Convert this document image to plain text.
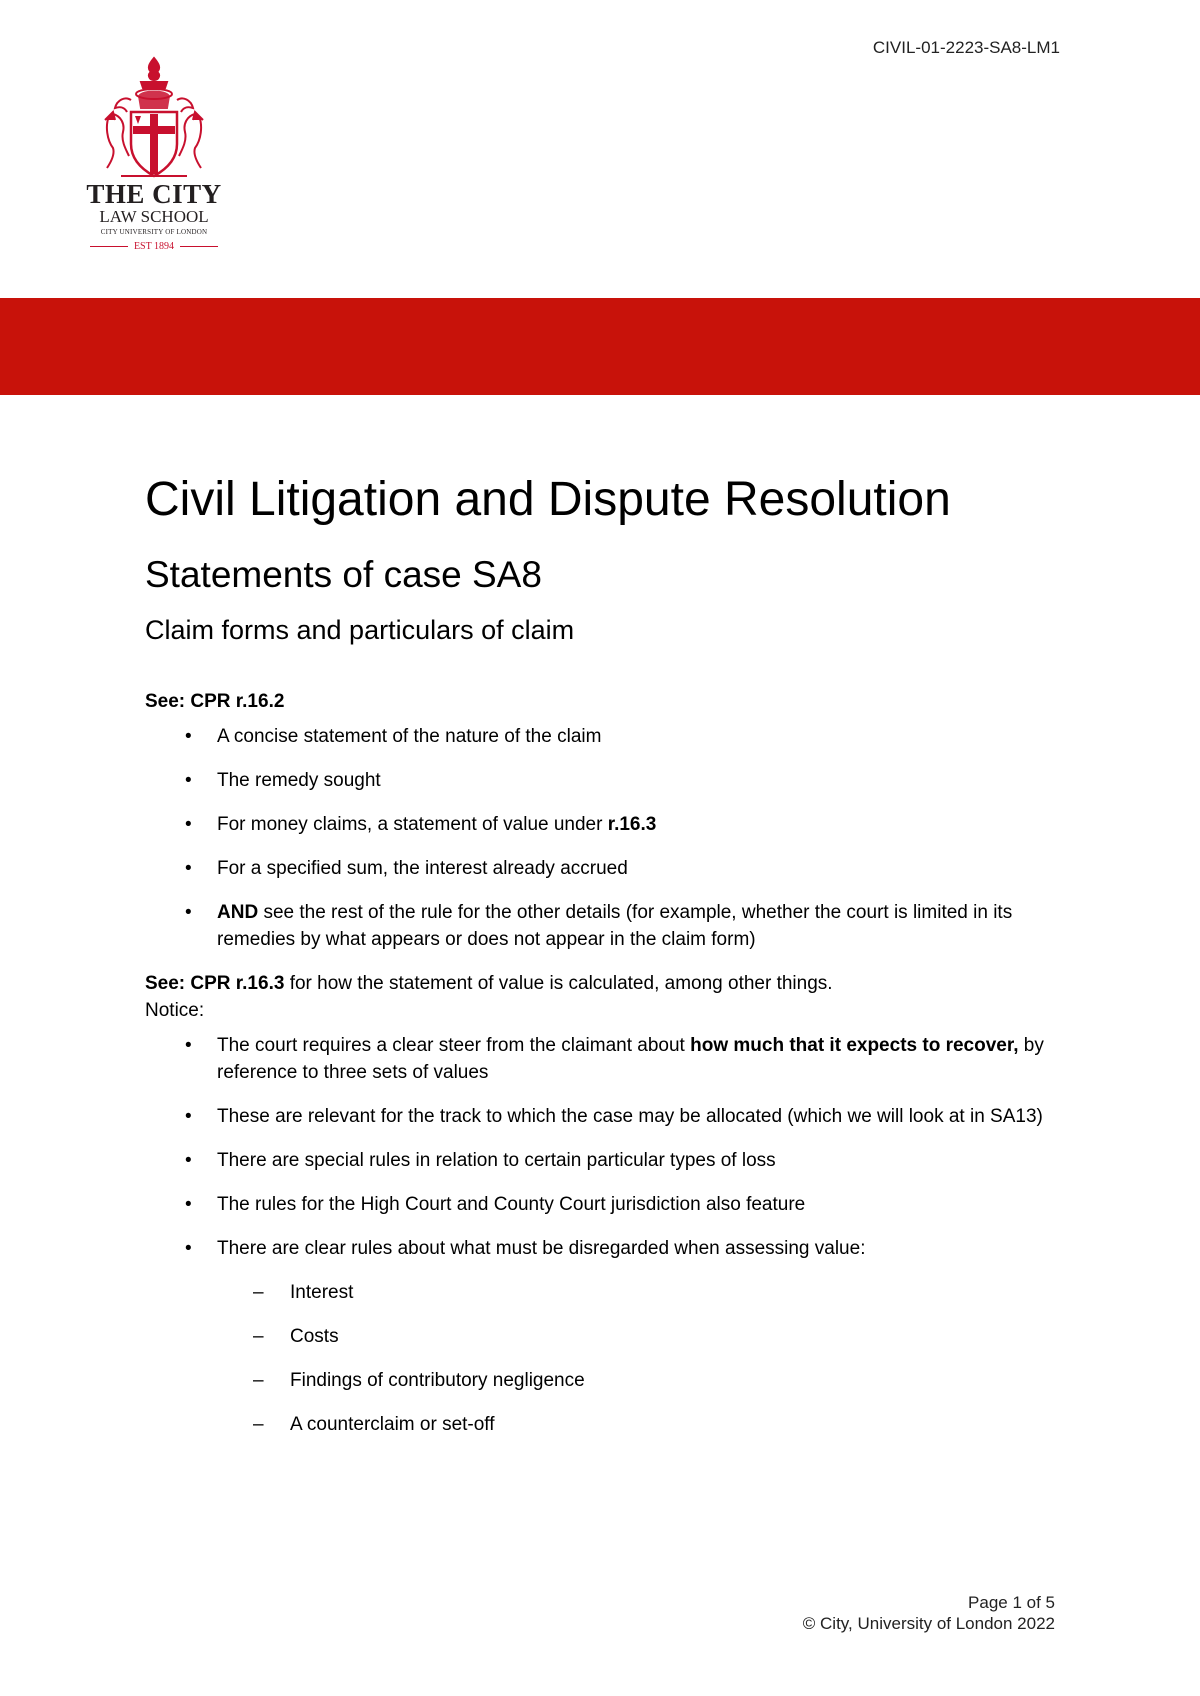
CIVIL-01-2223-SA8-LM1
THE CITY
LAW SCHOOL
CITY UNIVERSITY OF LONDON
EST 1894
Civil Litigation and Dispute Resolution
Statements of case SA8
Claim forms and particulars of claim

See: CPR r.16.2

• A concise statement of the nature of the claim
• The remedy sought
• For money claims, a statement of value under r.16.3
• For a specified sum, the interest already accrued
• AND see the rest of the rule for the other details (for example, whether the court is limited in its remedies by what appears or does not appear in the claim form)

See: CPR r.16.3 for how the statement of value is calculated, among other things.

Notice:

• The court requires a clear steer from the claimant about how much that it expects to recover, by reference to three sets of values
• These are relevant for the track to which the case may be allocated (which we will look at in SA13)
• There are special rules in relation to certain particular types of loss
• The rules for the High Court and County Court jurisdiction also feature
• There are clear rules about what must be disregarded when assessing value:
– Interest
– Costs
– Findings of contributory negligence
– A counterclaim or set-off
Page 1 of 5
© City, University of London 2022
